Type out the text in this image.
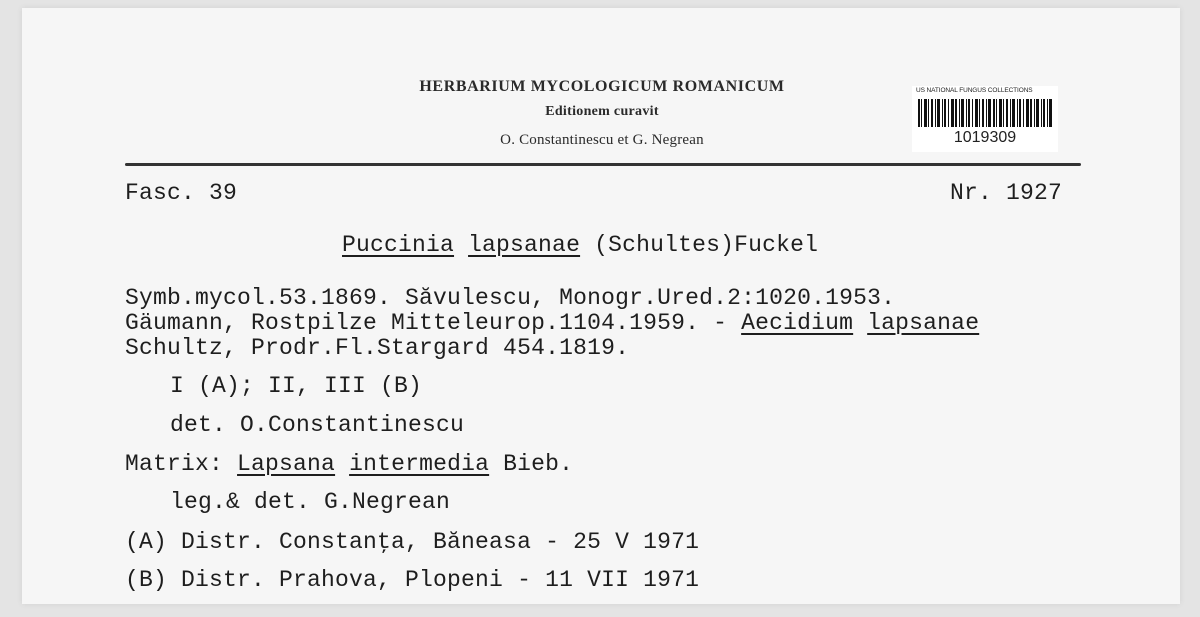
HERBARIUM MYCOLOGICUM ROMANICUM
Editionem curavit
O. Constantinescu et G. Negrean
US NATIONAL FUNGUS COLLECTIONS
1019309
Fasc. 39	Nr. 1927
Puccinia lapsanae (Schultes)Fuckel
Symb.mycol.53.1869. Săvulescu, Monogr.Ured.2:1020.1953.
Gäumann, Rostpilze Mitteleurop.1104.1959. - Aecidium lapsanae
Schultz, Prodr.Fl.Stargard 454.1819.
I (A); II, III (B)
det. O.Constantinescu
Matrix: Lapsana intermedia Bieb.
leg.& det. G.Negrean
(A) Distr. Constanţa, Băneasa - 25 V 1971
(B) Distr. Prahova, Plopeni - 11 VII 1971
